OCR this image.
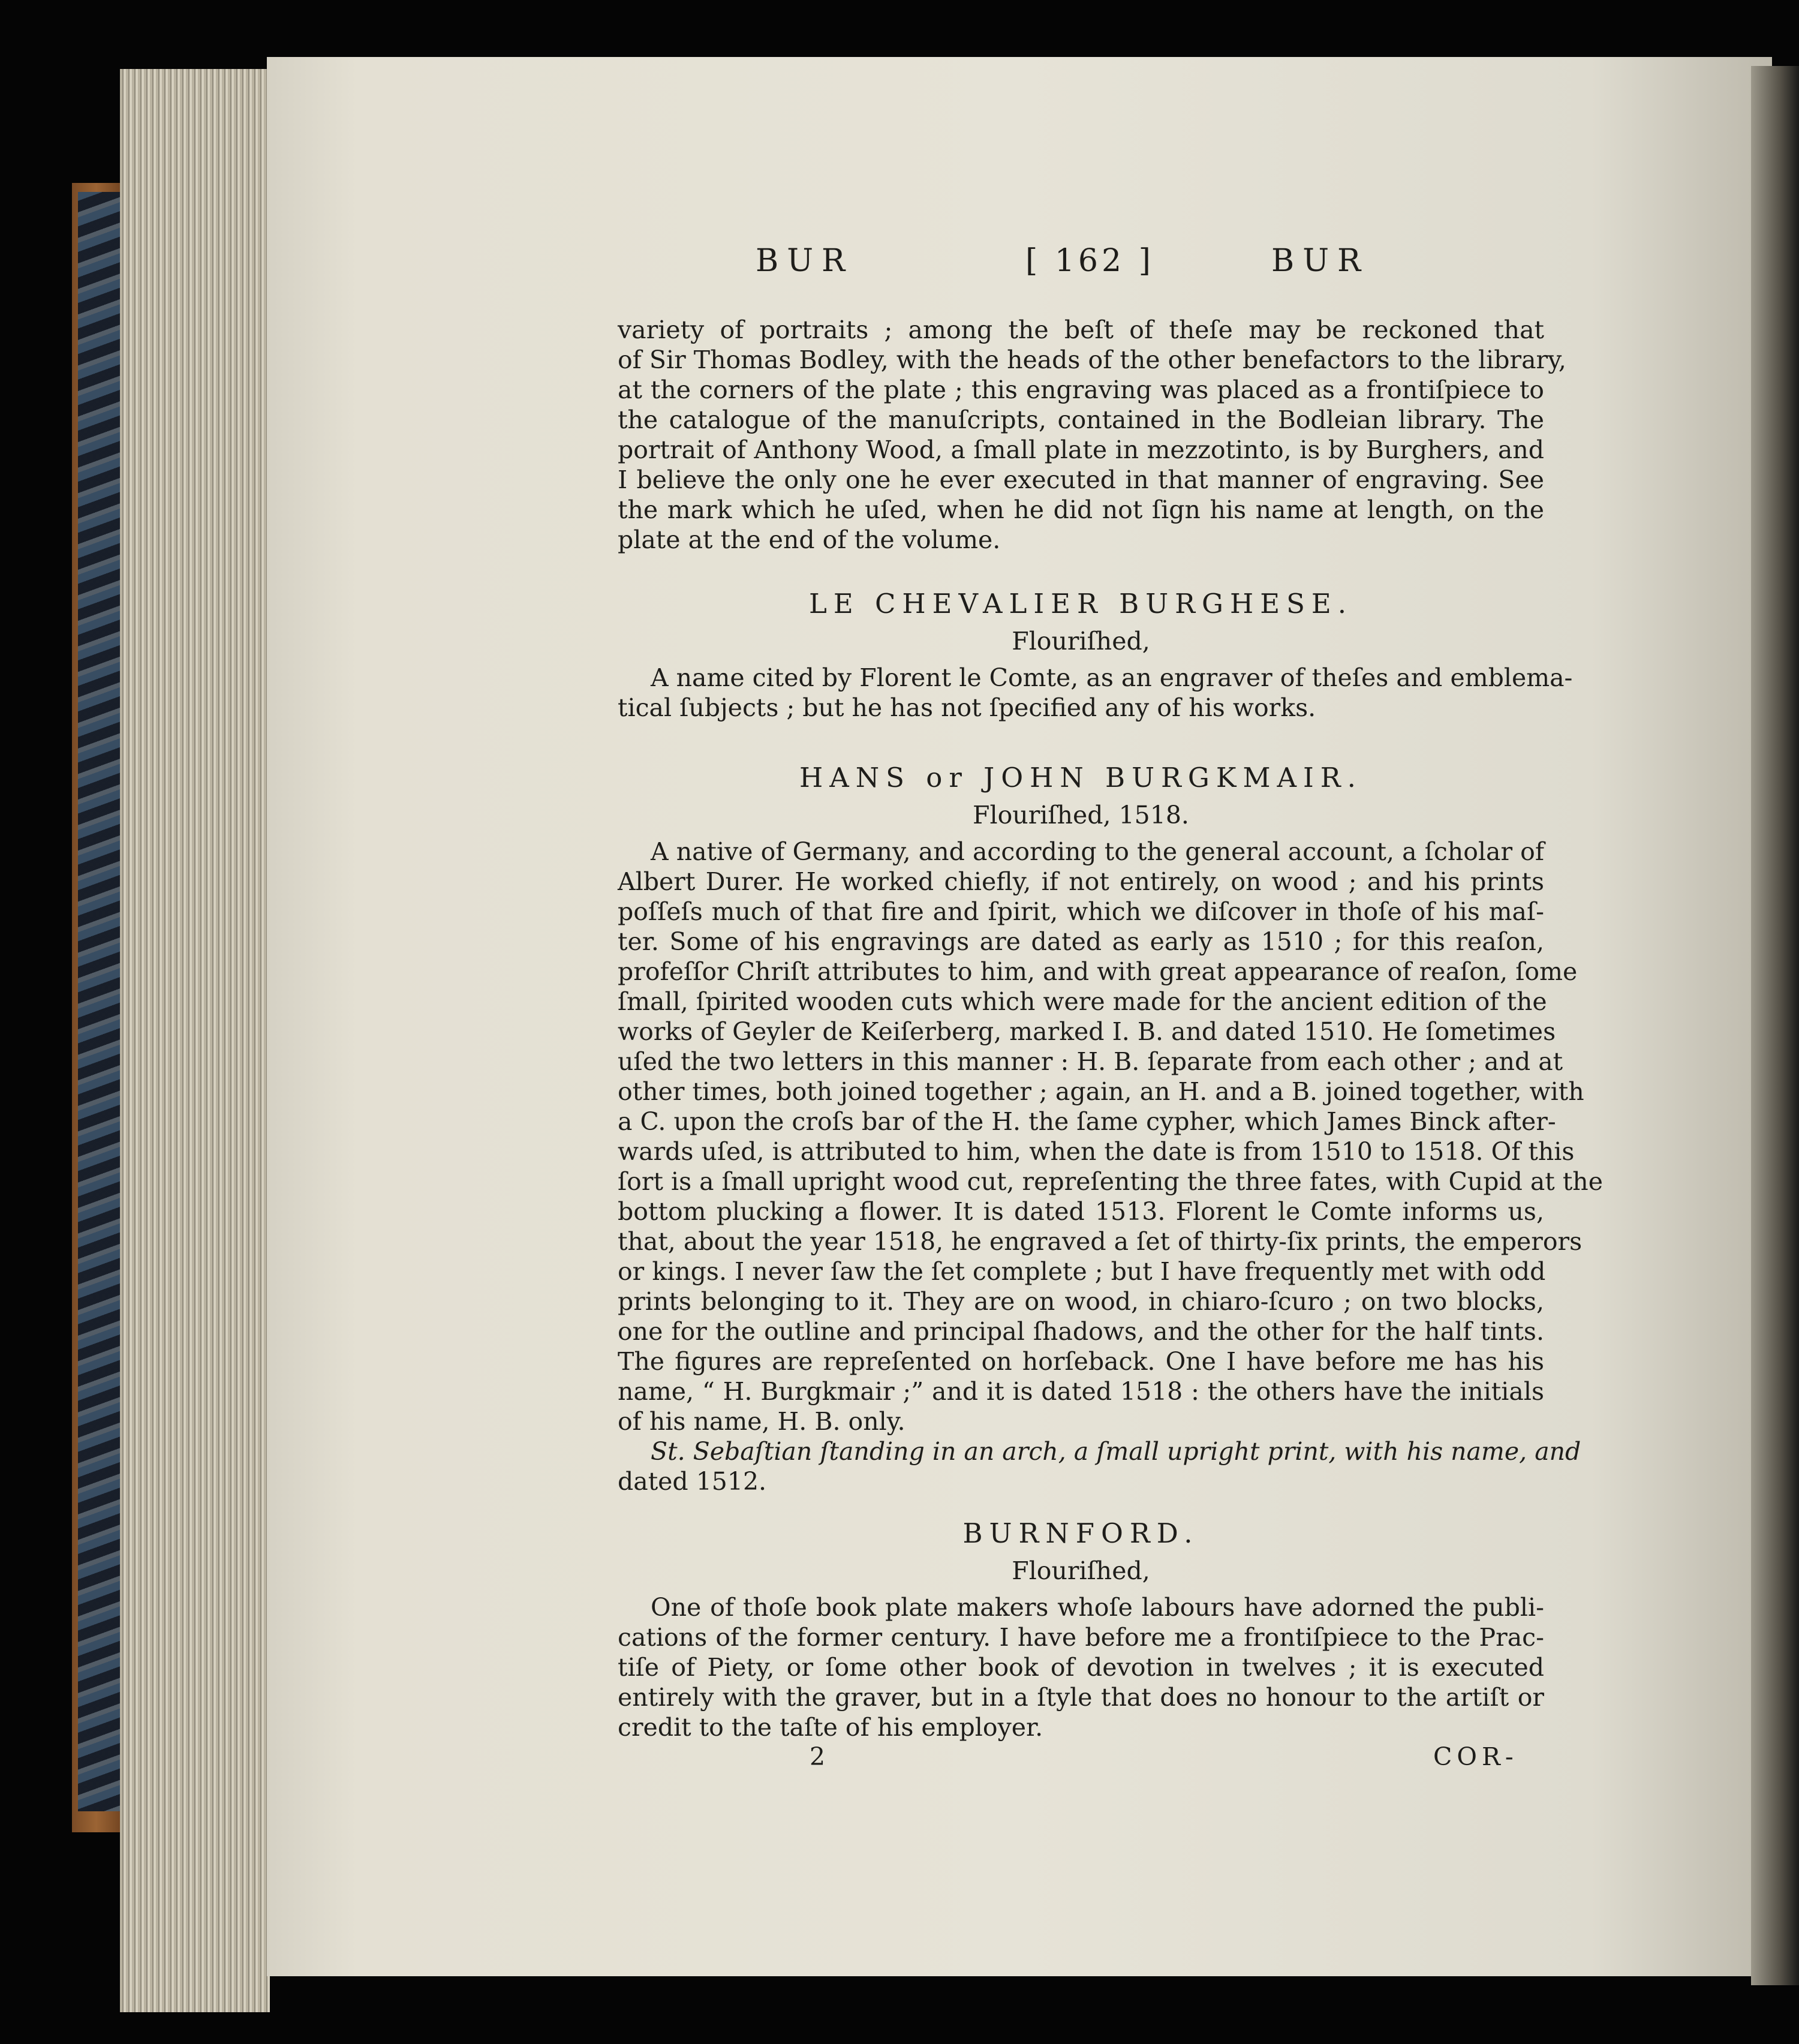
BUR	[ 162 ]	BUR
variety of portraits ; among the beſt of theſe may be reckoned that
of Sir Thomas Bodley, with the heads of the other benefactors to the library,
at the corners of the plate ; this engraving was placed as a frontiſpiece to
the catalogue of the manuſcripts, contained in the Bodleian library. The
portrait of Anthony Wood, a ſmall plate in mezzotinto, is by Burghers, and
I believe the only one he ever executed in that manner of engraving. See
the mark which he uſed, when he did not ſign his name at length, on the
plate at the end of the volume.
LE CHEVALIER BURGHESE.
Flouriſhed,
A name cited by Florent le Comte, as an engraver of theſes and emblema-
tical ſubjects ; but he has not ſpecified any of his works.
HANS or JOHN BURGKMAIR.
Flouriſhed, 1518.
A native of Germany, and according to the general account, a ſcholar of
Albert Durer. He worked chiefly, if not entirely, on wood ; and his prints
poſſeſs much of that fire and ſpirit, which we diſcover in thoſe of his maſ-
ter. Some of his engravings are dated as early as 1510 ; for this reaſon,
profeſſor Chriſt attributes to him, and with great appearance of reaſon, ſome
ſmall, ſpirited wooden cuts which were made for the ancient edition of the
works of Geyler de Keiſerberg, marked I. B. and dated 1510. He ſometimes
uſed the two letters in this manner : H. B. ſeparate from each other ; and at
other times, both joined together ; again, an H. and a B. joined together, with
a C. upon the croſs bar of the H. the ſame cypher, which James Binck after-
wards uſed, is attributed to him, when the date is from 1510 to 1518. Of this
ſort is a ſmall upright wood cut, repreſenting the three fates, with Cupid at the
bottom plucking a flower. It is dated 1513. Florent le Comte informs us,
that, about the year 1518, he engraved a ſet of thirty-ſix prints, the emperors
or kings. I never ſaw the ſet complete ; but I have frequently met with odd
prints belonging to it. They are on wood, in chiaro-ſcuro ; on two blocks,
one for the outline and principal ſhadows, and the other for the half tints.
The figures are repreſented on horſeback. One I have before me has his
name, “ H. Burgkmair ;” and it is dated 1518 : the others have the initials
of his name, H. B. only.
St. Sebaſtian ſtanding in an arch, a ſmall upright print, with his name, and
dated 1512.
BURNFORD.
Flouriſhed,
One of thoſe book plate makers whoſe labours have adorned the publi-
cations of the former century. I have before me a frontiſpiece to the Prac-
tiſe of Piety, or ſome other book of devotion in twelves ; it is executed
entirely with the graver, but in a ſtyle that does no honour to the artiſt or
credit to the taſte of his employer.
2	COR-
